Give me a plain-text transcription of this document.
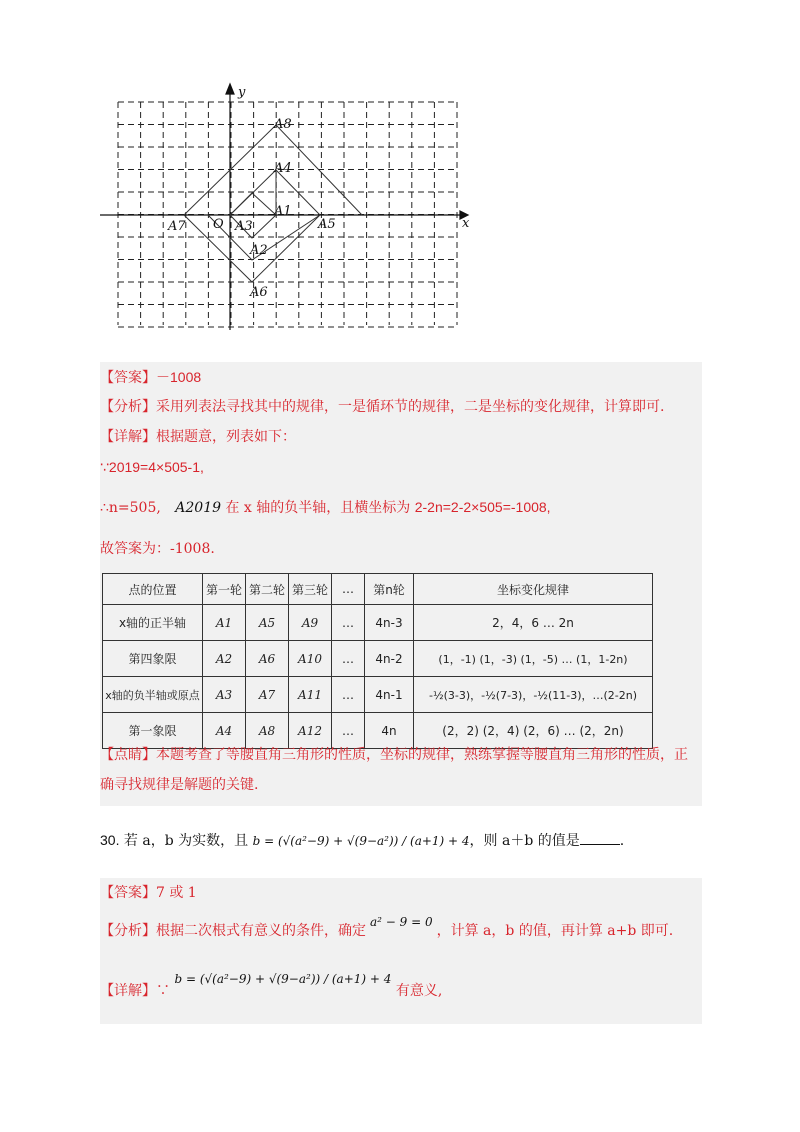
x
y
O
A8
A4
A1
A3	A5
A7
A2
A6
【答案】－1008
【分析】采用列表法寻找其中的规律，一是循环节的规律，二是坐标的变化规律，计算即可.
【详解】根据题意，列表如下：
∵2019=4×505-1,
∴n=505, A2019 在 x 轴的负半轴，且横坐标为 2-2n=2-2×505=-1008,
故答案为：-1008.
点的位置	第一轮	第二轮	第三轮	…	第n轮	坐标变化规律
x轴的正半轴	A1	A5	A9	…	4n-3	2，4，6 … 2n
第四象限	A2	A6	A10	…	4n-2	(1，-1) (1，-3) (1，-5) … (1，1-2n)
x轴的负半轴或原点	A3	A7	A11	…	4n-1	-½(3-3)，-½(7-3)，-½(11-3)，…(2-2n)
第一象限	A4	A8	A12	…	4n	(2，2) (2，4) (2，6) … (2，2n)
【点睛】本题考查了等腰直角三角形的性质，坐标的规律，熟练掌握等腰直角三角形的性质，正
确寻找规律是解题的关键.
30. 若 a，b 为实数，且 b = (√(a²−9) + √(9−a²)) / (a+1) + 4，则 a＋b 的值是	.
【答案】7 或 1
【分析】根据二次根式有意义的条件，确定a² − 9 = 0，计算 a，b 的值，再计算 a+b 即可.
【详解】∵ b = (√(a²−9) + √(9−a²)) / (a+1) + 4 有意义,
